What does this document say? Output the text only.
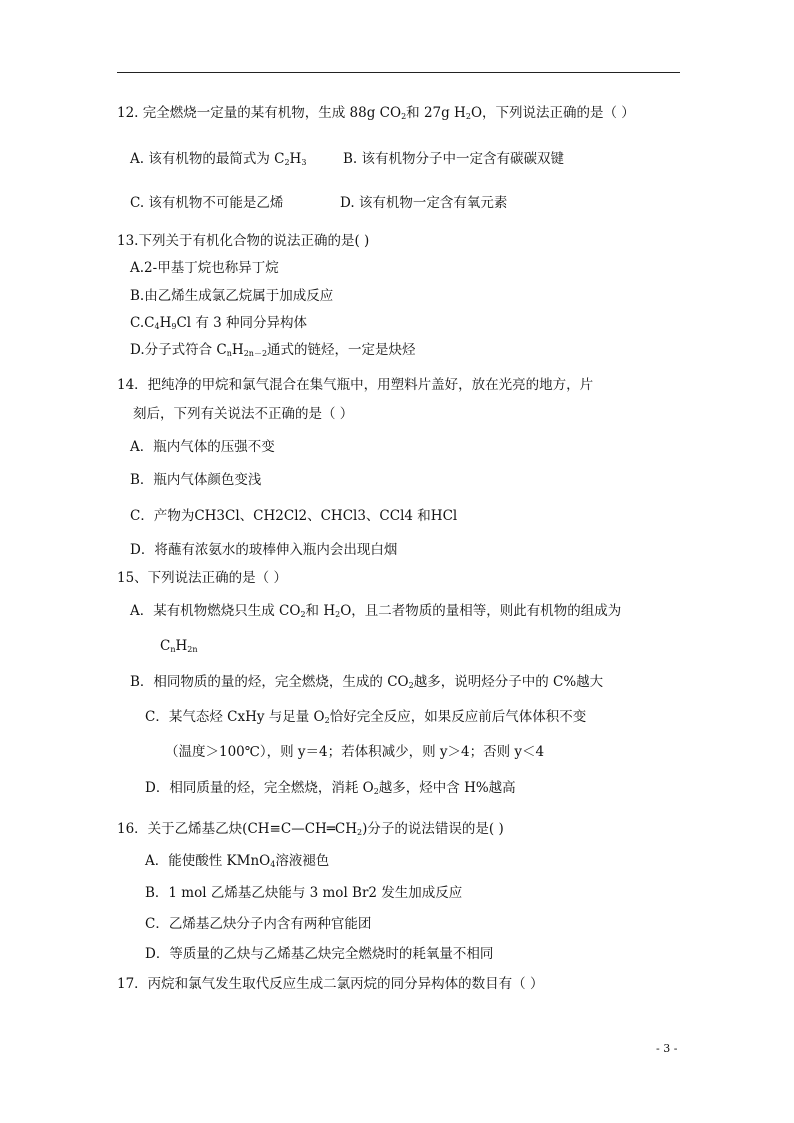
12. 完全燃烧一定量的某有机物，生成 88g $CO_2$和 27g $H_2O$，下列说法正确的是（ ）
A. 该有机物的最简式为 $C_2H_3$	B. 该有机物分子中一定含有碳碳双键
C. 该有机物不可能是乙烯	D. 该有机物一定含有氧元素
13.下列关于有机化合物的说法正确的是( )
A.2-甲基丁烷也称异丁烷
B.由乙烯生成氯乙烷属于加成反应
$C.C_4H_9Cl$ 有 3 种同分异构体
D.分子式符合 $C_nH_{2n-2}$通式的链烃，一定是炔烃
14．把纯净的甲烷和氯气混合在集气瓶中，用塑料片盖好，放在光亮的地方，片
刻后，下列有关说法不正确的是（ ）
A．瓶内气体的压强不变
B．瓶内气体颜色变浅
C．产物为CH3Cl、CH2Cl2、CHCl3、CCl4 和HCl
D．将蘸有浓氨水的玻棒伸入瓶内会出现白烟
15、下列说法正确的是（ ）
A．某有机物燃烧只生成 $CO_2$和 $H_2O$，且二者物质的量相等，则此有机物的组成为
$C_nH_{2n}$
B．相同物质的量的烃，完全燃烧，生成的 $CO_2$越多，说明烃分子中的 C%越大
C．某气态烃 CxHy 与足量 $O_2$恰好完全反应，如果反应前后气体体积不变
（温度＞100℃），则 y＝4；若体积减少，则 y＞4；否则 y＜4
D．相同质量的烃，完全燃烧，消耗 $O_2$越多，烃中含 H%越高
16．关于乙烯基乙炔$(CH\equiv C—CH═CH_2)$分子的说法错误的是( )
A．能使酸性 KMnO$_4$溶液褪色
B．1 mol 乙烯基乙炔能与 3 mol Br2 发生加成反应
C．乙烯基乙炔分子内含有两种官能团
D．等质量的乙炔与乙烯基乙炔完全燃烧时的耗氧量不相同
17．丙烷和氯气发生取代反应生成二氯丙烷的同分异构体的数目有（ ）
- 3 -
